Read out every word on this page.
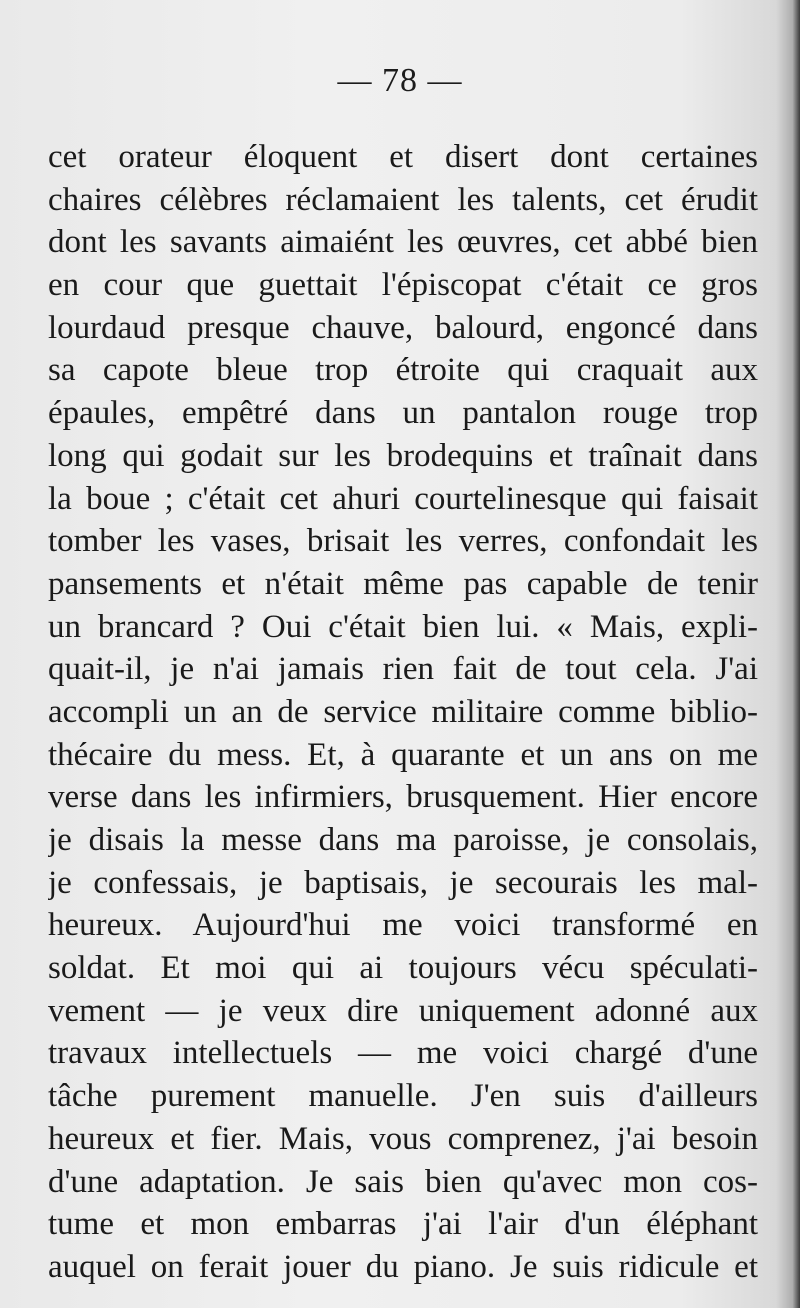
— 78 —
cet orateur éloquent et disert dont certaines
chaires célèbres réclamaient les talents, cet érudit
dont les savants aimaiént les œuvres, cet abbé bien
en cour que guettait l'épiscopat c'était ce gros
lourdaud presque chauve, balourd, engoncé dans
sa capote bleue trop étroite qui craquait aux
épaules, empêtré dans un pantalon rouge trop
long qui godait sur les brodequins et traînait dans
la boue ; c'était cet ahuri courtelinesque qui faisait
tomber les vases, brisait les verres, confondait les
pansements et n'était même pas capable de tenir
un brancard ? Oui c'était bien lui. « Mais, expli-
quait-il, je n'ai jamais rien fait de tout cela. J'ai
accompli un an de service militaire comme biblio-
thécaire du mess. Et, à quarante et un ans on me
verse dans les infirmiers, brusquement. Hier encore
je disais la messe dans ma paroisse, je consolais,
je confessais, je baptisais, je secourais les mal-
heureux. Aujourd'hui me voici transformé en
soldat. Et moi qui ai toujours vécu spéculati-
vement — je veux dire uniquement adonné aux
travaux intellectuels — me voici chargé d'une
tâche purement manuelle. J'en suis d'ailleurs
heureux et fier. Mais, vous comprenez, j'ai besoin
d'une adaptation. Je sais bien qu'avec mon cos-
tume et mon embarras j'ai l'air d'un éléphant
auquel on ferait jouer du piano. Je suis ridicule et
